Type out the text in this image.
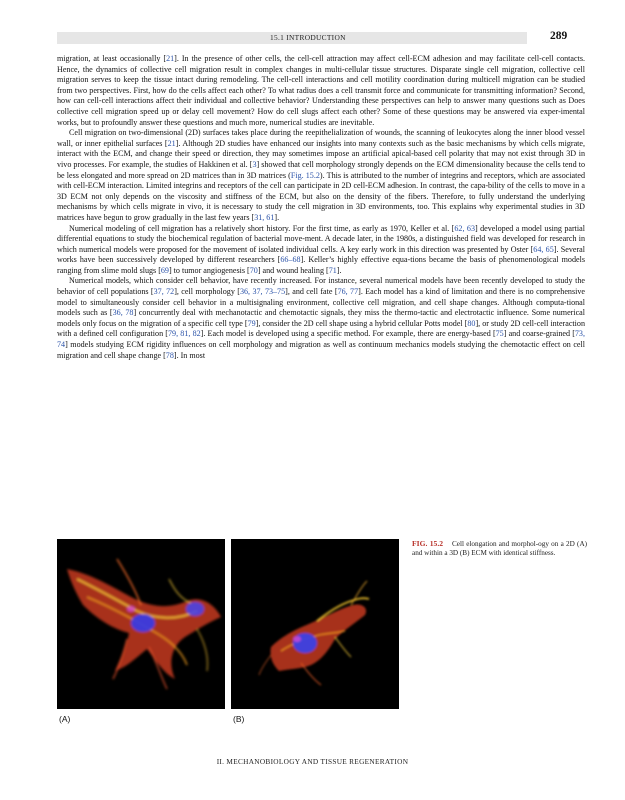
15.1 INTRODUCTION	289

migration, at least occasionally [21]. In the presence of other cells, the cell-cell attraction may affect cell-ECM adhesion and may facilitate cell-cell contacts. Hence, the dynamics of collective cell migration result in complex changes in multi-cellular tissue structures. Disparate single cell migration, collective cell migration serves to keep the tissue intact during remodeling. The cell-cell interactions and cell motility coordination during multicell migration can be studied from two perspectives. First, how do the cells affect each other? To what radius does a cell transmit force and communicate for transmitting information? Second, how can cell-cell interactions affect their individual and collective behavior? Understanding these perspectives can help to answer many questions such as Does collective cell migration speed up or delay cell movement? How do cell slugs affect each other? Some of these questions may be answered via exper-imental works, but to profoundly answer these questions and much more, numerical studies are inevitable.

Cell migration on two-dimensional (2D) surfaces takes place during the reepithelialization of wounds, the scanning of leukocytes along the inner blood vessel wall, or inner epithelial surfaces [21]. Although 2D studies have enhanced our insights into many contexts such as the basic mechanisms by which cells migrate, interact with the ECM, and change their speed or direction, they may sometimes impose an artificial apical-based cell polarity that may not exist through 3D in vivo processes. For example, the studies of Hakkinen et al. [3] showed that cell morphology strongly depends on the ECM dimensionality because the cells tend to be less elongated and more spread on 2D matrices than in 3D matrices (Fig. 15.2). This is attributed to the number of integrins and receptors, which are associated with cell-ECM interaction. Limited integrins and receptors of the cell can participate in 2D cell-ECM adhesion. In contrast, the capa-bility of the cells to move in a 3D ECM not only depends on the viscosity and stiffness of the ECM, but also on the density of the fibers. Therefore, to fully understand the underlying mechanisms by which cells migrate in vivo, it is necessary to study the cell migration in 3D environments, too. This explains why experimental studies in 3D matrices have begun to grow gradually in the last few years [31, 61].

Numerical modeling of cell migration has a relatively short history. For the first time, as early as 1970, Keller et al. [62, 63] developed a model using partial differential equations to study the biochemical regulation of bacterial move-ment. A decade later, in the 1980s, a distinguished field was developed for research in which numerical models were proposed for the movement of isolated individual cells. A key early work in this direction was presented by Oster [64, 65]. Several works have been successively developed by different researchers [66–68]. Keller’s highly effective equa-tions became the basis of phenomenological models ranging from slime mold slugs [69] to tumor angiogenesis [70] and wound healing [71].

Numerical models, which consider cell behavior, have recently increased. For instance, several numerical models have been recently developed to study the behavior of cell populations [37, 72], cell morphology [36, 37, 73–75], and cell fate [76, 77]. Each model has a kind of limitation and there is no comprehensive model to simultaneously consider cell behavior in a multisignaling environment, collective cell migration, and cell shape changes. Although computa-tional models such as [36, 78] concurrently deal with mechanotactic and chemotactic signals, they miss the thermo-tactic and electrotactic influence. Some numerical models only focus on the migration of a specific cell type [79], consider the 2D cell shape using a hybrid cellular Potts model [80], or study 2D cell-cell interaction with a defined cell configuration [79, 81, 82]. Each model is developed using a specific method. For example, there are energy-based [75] and coarse-grained [73, 74] models studying ECM rigidity influences on cell morphology and migration as well as continuum mechanics models studying the chemotactic effect on cell migration and cell shape change [78]. In most

(A)	(B)
FIG. 15.2 Cell elongation and morphol-ogy on a 2D (A) and within a 3D (B) ECM with identical stiffness.
II. MECHANOBIOLOGY AND TISSUE REGENERATION
